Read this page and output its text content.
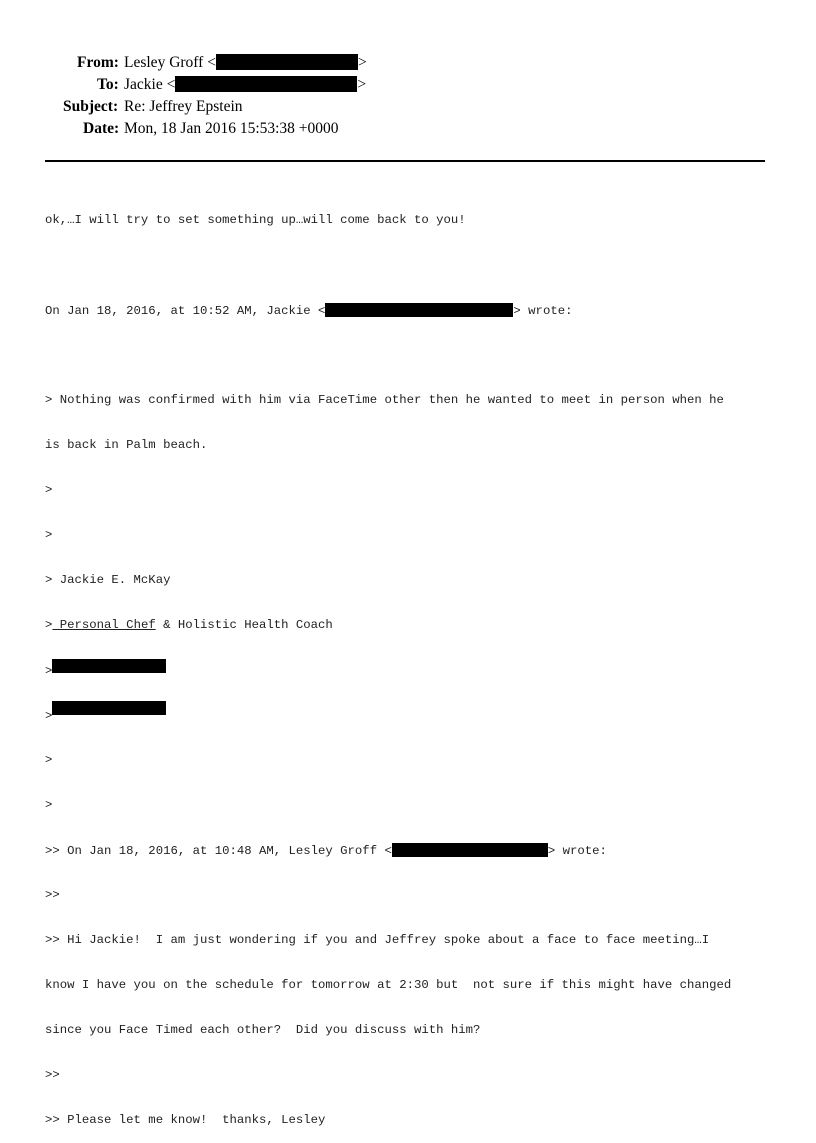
From: Lesley Groff <	>
To: Jackie <	>
Subject: Re: Jeffrey Epstein
Date: Mon, 18 Jan 2016 15:53:38 +0000

ok,…I will try to set something up…will come back to you!

On Jan 18, 2016, at 10:52 AM, Jackie <	> wrote:

> Nothing was confirmed with him via FaceTime other then he wanted to meet in person when he

is back in Palm beach.

>

>

> Jackie E. McKay

> Personal Chef & Holistic Health Coach

>

>

>

>

>> On Jan 18, 2016, at 10:48 AM, Lesley Groff <	> wrote:

>>

>> Hi Jackie!  I am just wondering if you and Jeffrey spoke about a face to face meeting…I

know I have you on the schedule for tomorrow at 2:30 but  not sure if this might have changed

since you Face Timed each other?  Did you discuss with him?

>>

>> Please let me know!  thanks, Lesley
